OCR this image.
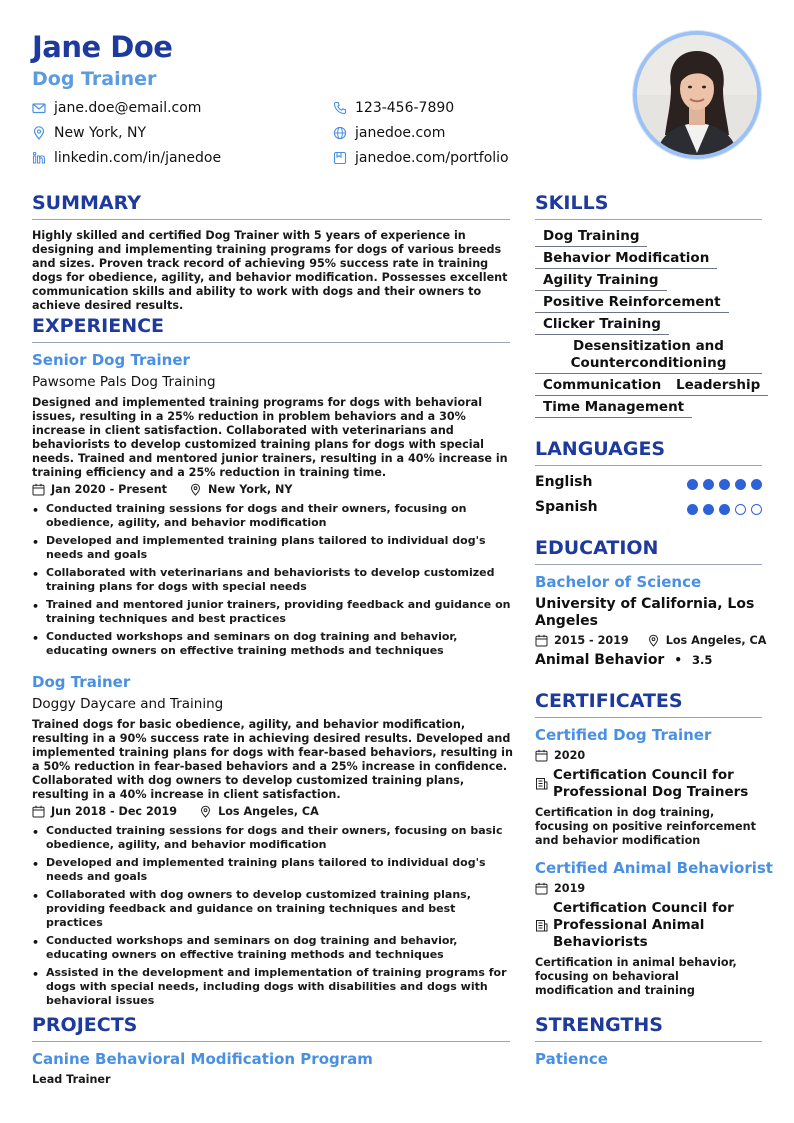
Jane Doe
Dog Trainer
jane.doe@email.com	123-456-7890
New York, NY	janedoe.com
linkedin.com/in/janedoe	janedoe.com/portfolio
SUMMARY
Highly skilled and certified Dog Trainer with 5 years of experience in designing and implementing training programs for dogs of various breeds and sizes. Proven track record of achieving 95% success rate in training dogs for obedience, agility, and behavior modification. Possesses excellent communication skills and ability to work with dogs and their owners to achieve desired results.
EXPERIENCE
Senior Dog Trainer
Pawsome Pals Dog Training
Designed and implemented training programs for dogs with behavioral issues, resulting in a 25% reduction in problem behaviors and a 30% increase in client satisfaction. Collaborated with veterinarians and behaviorists to develop customized training plans for dogs with special needs. Trained and mentored junior trainers, resulting in a 40% increase in training efficiency and a 25% reduction in training time.
Jan 2020 - Present	New York, NY
• Conducted training sessions for dogs and their owners, focusing on obedience, agility, and behavior modification
• Developed and implemented training plans tailored to individual dog's needs and goals
• Collaborated with veterinarians and behaviorists to develop customized training plans for dogs with special needs
• Trained and mentored junior trainers, providing feedback and guidance on training techniques and best practices
• Conducted workshops and seminars on dog training and behavior, educating owners on effective training methods and techniques
Dog Trainer
Doggy Daycare and Training
Trained dogs for basic obedience, agility, and behavior modification, resulting in a 90% success rate in achieving desired results. Developed and implemented training plans for dogs with fear-based behaviors, resulting in a 50% reduction in fear-based behaviors and a 25% increase in confidence. Collaborated with dog owners to develop customized training plans, resulting in a 40% increase in client satisfaction.
Jun 2018 - Dec 2019	Los Angeles, CA
• Conducted training sessions for dogs and their owners, focusing on basic obedience, agility, and behavior modification
• Developed and implemented training plans tailored to individual dog's needs and goals
• Collaborated with dog owners to develop customized training plans, providing feedback and guidance on training techniques and best practices
• Conducted workshops and seminars on dog training and behavior, educating owners on effective training methods and techniques
• Assisted in the development and implementation of training programs for dogs with special needs, including dogs with disabilities and dogs with behavioral issues
PROJECTS
Canine Behavioral Modification Program
Lead Trainer
SKILLS
Dog Training
Behavior Modification
Agility Training
Positive Reinforcement
Clicker Training
Desensitization and Counterconditioning
Communication	Leadership
Time Management
LANGUAGES
English
Spanish
EDUCATION
Bachelor of Science
University of California, Los Angeles
2015 - 2019	Los Angeles, CA
Animal Behavior • 3.5
CERTIFICATES
Certified Dog Trainer
2020
Certification Council for Professional Dog Trainers
Certification in dog training, focusing on positive reinforcement and behavior modification
Certified Animal Behaviorist
2019
Certification Council for Professional Animal Behaviorists
Certification in animal behavior, focusing on behavioral modification and training
STRENGTHS
Patience
